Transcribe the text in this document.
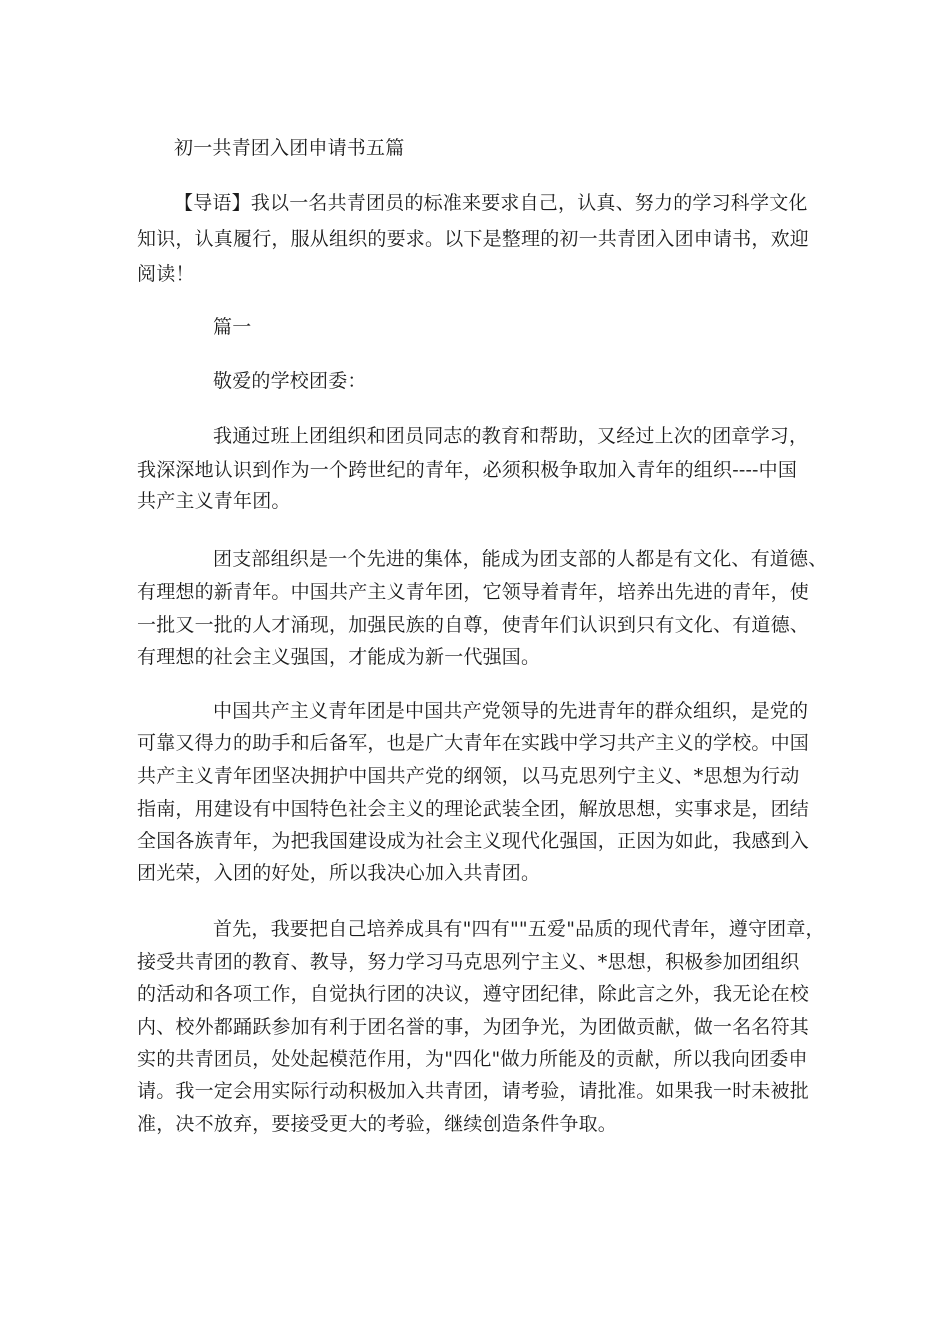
初一共青团入团申请书五篇
【导语】我以一名共青团员的标准来要求自己，认真、努力的学习科学文化
知识，认真履行，服从组织的要求。以下是整理的初一共青团入团申请书，欢迎
阅读！
篇一
敬爱的学校团委：
我通过班上团组织和团员同志的教育和帮助，又经过上次的团章学习，
我深深地认识到作为一个跨世纪的青年，必须积极争取加入青年的组织----中国
共产主义青年团。
团支部组织是一个先进的集体，能成为团支部的人都是有文化、有道德、
有理想的新青年。中国共产主义青年团，它领导着青年，培养出先进的青年，使
一批又一批的人才涌现，加强民族的自尊，使青年们认识到只有文化、有道德、
有理想的社会主义强国，才能成为新一代强国。
中国共产主义青年团是中国共产党领导的先进青年的群众组织，是党的
可靠又得力的助手和后备军，也是广大青年在实践中学习共产主义的学校。中国
共产主义青年团坚决拥护中国共产党的纲领，以马克思列宁主义、*思想为行动
指南，用建设有中国特色社会主义的理论武装全团，解放思想，实事求是，团结
全国各族青年，为把我国建设成为社会主义现代化强国，正因为如此，我感到入
团光荣，入团的好处，所以我决心加入共青团。
首先，我要把自己培养成具有"四有""五爱"品质的现代青年，遵守团章，
接受共青团的教育、教导，努力学习马克思列宁主义、*思想，积极参加团组织
的活动和各项工作，自觉执行团的决议，遵守团纪律，除此言之外，我无论在校
内、校外都踊跃参加有利于团名誉的事，为团争光，为团做贡献，做一名名符其
实的共青团员，处处起模范作用，为"四化"做力所能及的贡献，所以我向团委申
请。我一定会用实际行动积极加入共青团，请考验，请批准。如果我一时未被批
准，决不放弃，要接受更大的考验，继续创造条件争取。
